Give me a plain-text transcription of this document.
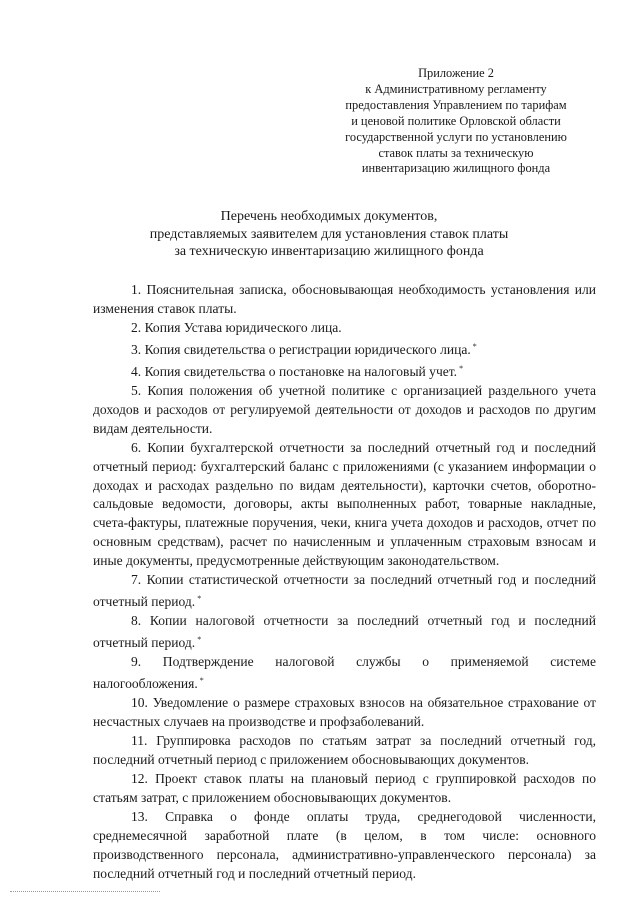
Приложение 2
к Административному регламенту
предоставления Управлением по тарифам
и ценовой политике Орловской области
государственной услуги по установлению
ставок платы за техническую
инвентаризацию жилищного фонда
Перечень необходимых документов,
представляемых заявителем для установления ставок платы
за техническую инвентаризацию жилищного фонда

1. Пояснительная записка, обосновывающая необходимость установления или изменения ставок платы.

2. Копия Устава юридического лица.

3. Копия свидетельства о регистрации юридического лица. *

4. Копия свидетельства о постановке на налоговый учет. *

5. Копия положения об учетной политике с организацией раздельного учета доходов и расходов от регулируемой деятельности от доходов и расходов по другим видам деятельности.

6. Копии бухгалтерской отчетности за последний отчетный год и последний отчетный период: бухгалтерский баланс с приложениями (с указанием информации о доходах и расходах раздельно по видам деятельности), карточки счетов, оборотно-сальдовые ведомости, договоры, акты выполненных работ, товарные накладные, счета-фактуры, платежные поручения, чеки, книга учета доходов и расходов, отчет по основным средствам), расчет по начисленным и уплаченным страховым взносам и иные документы, предусмотренные действующим законодательством.

7. Копии статистической отчетности за последний отчетный год и последний отчетный период. *

8. Копии налоговой отчетности за последний отчетный год и последний отчетный период. *

9. Подтверждение налоговой службы о применяемой системе налогообложения. *

10. Уведомление о размере страховых взносов на обязательное страхование от несчастных случаев на производстве и профзаболеваний.

11. Группировка расходов по статьям затрат за последний отчетный год, последний отчетный период с приложением обосновывающих документов.

12. Проект ставок платы на плановый период с группировкой расходов по статьям затрат, с приложением обосновывающих документов.

13. Справка о фонде оплаты труда, среднегодовой численности, среднемесячной заработной плате (в целом, в том числе: основного производственного персонала, административно-управленческого персонала) за последний отчетный год и последний отчетный период.
